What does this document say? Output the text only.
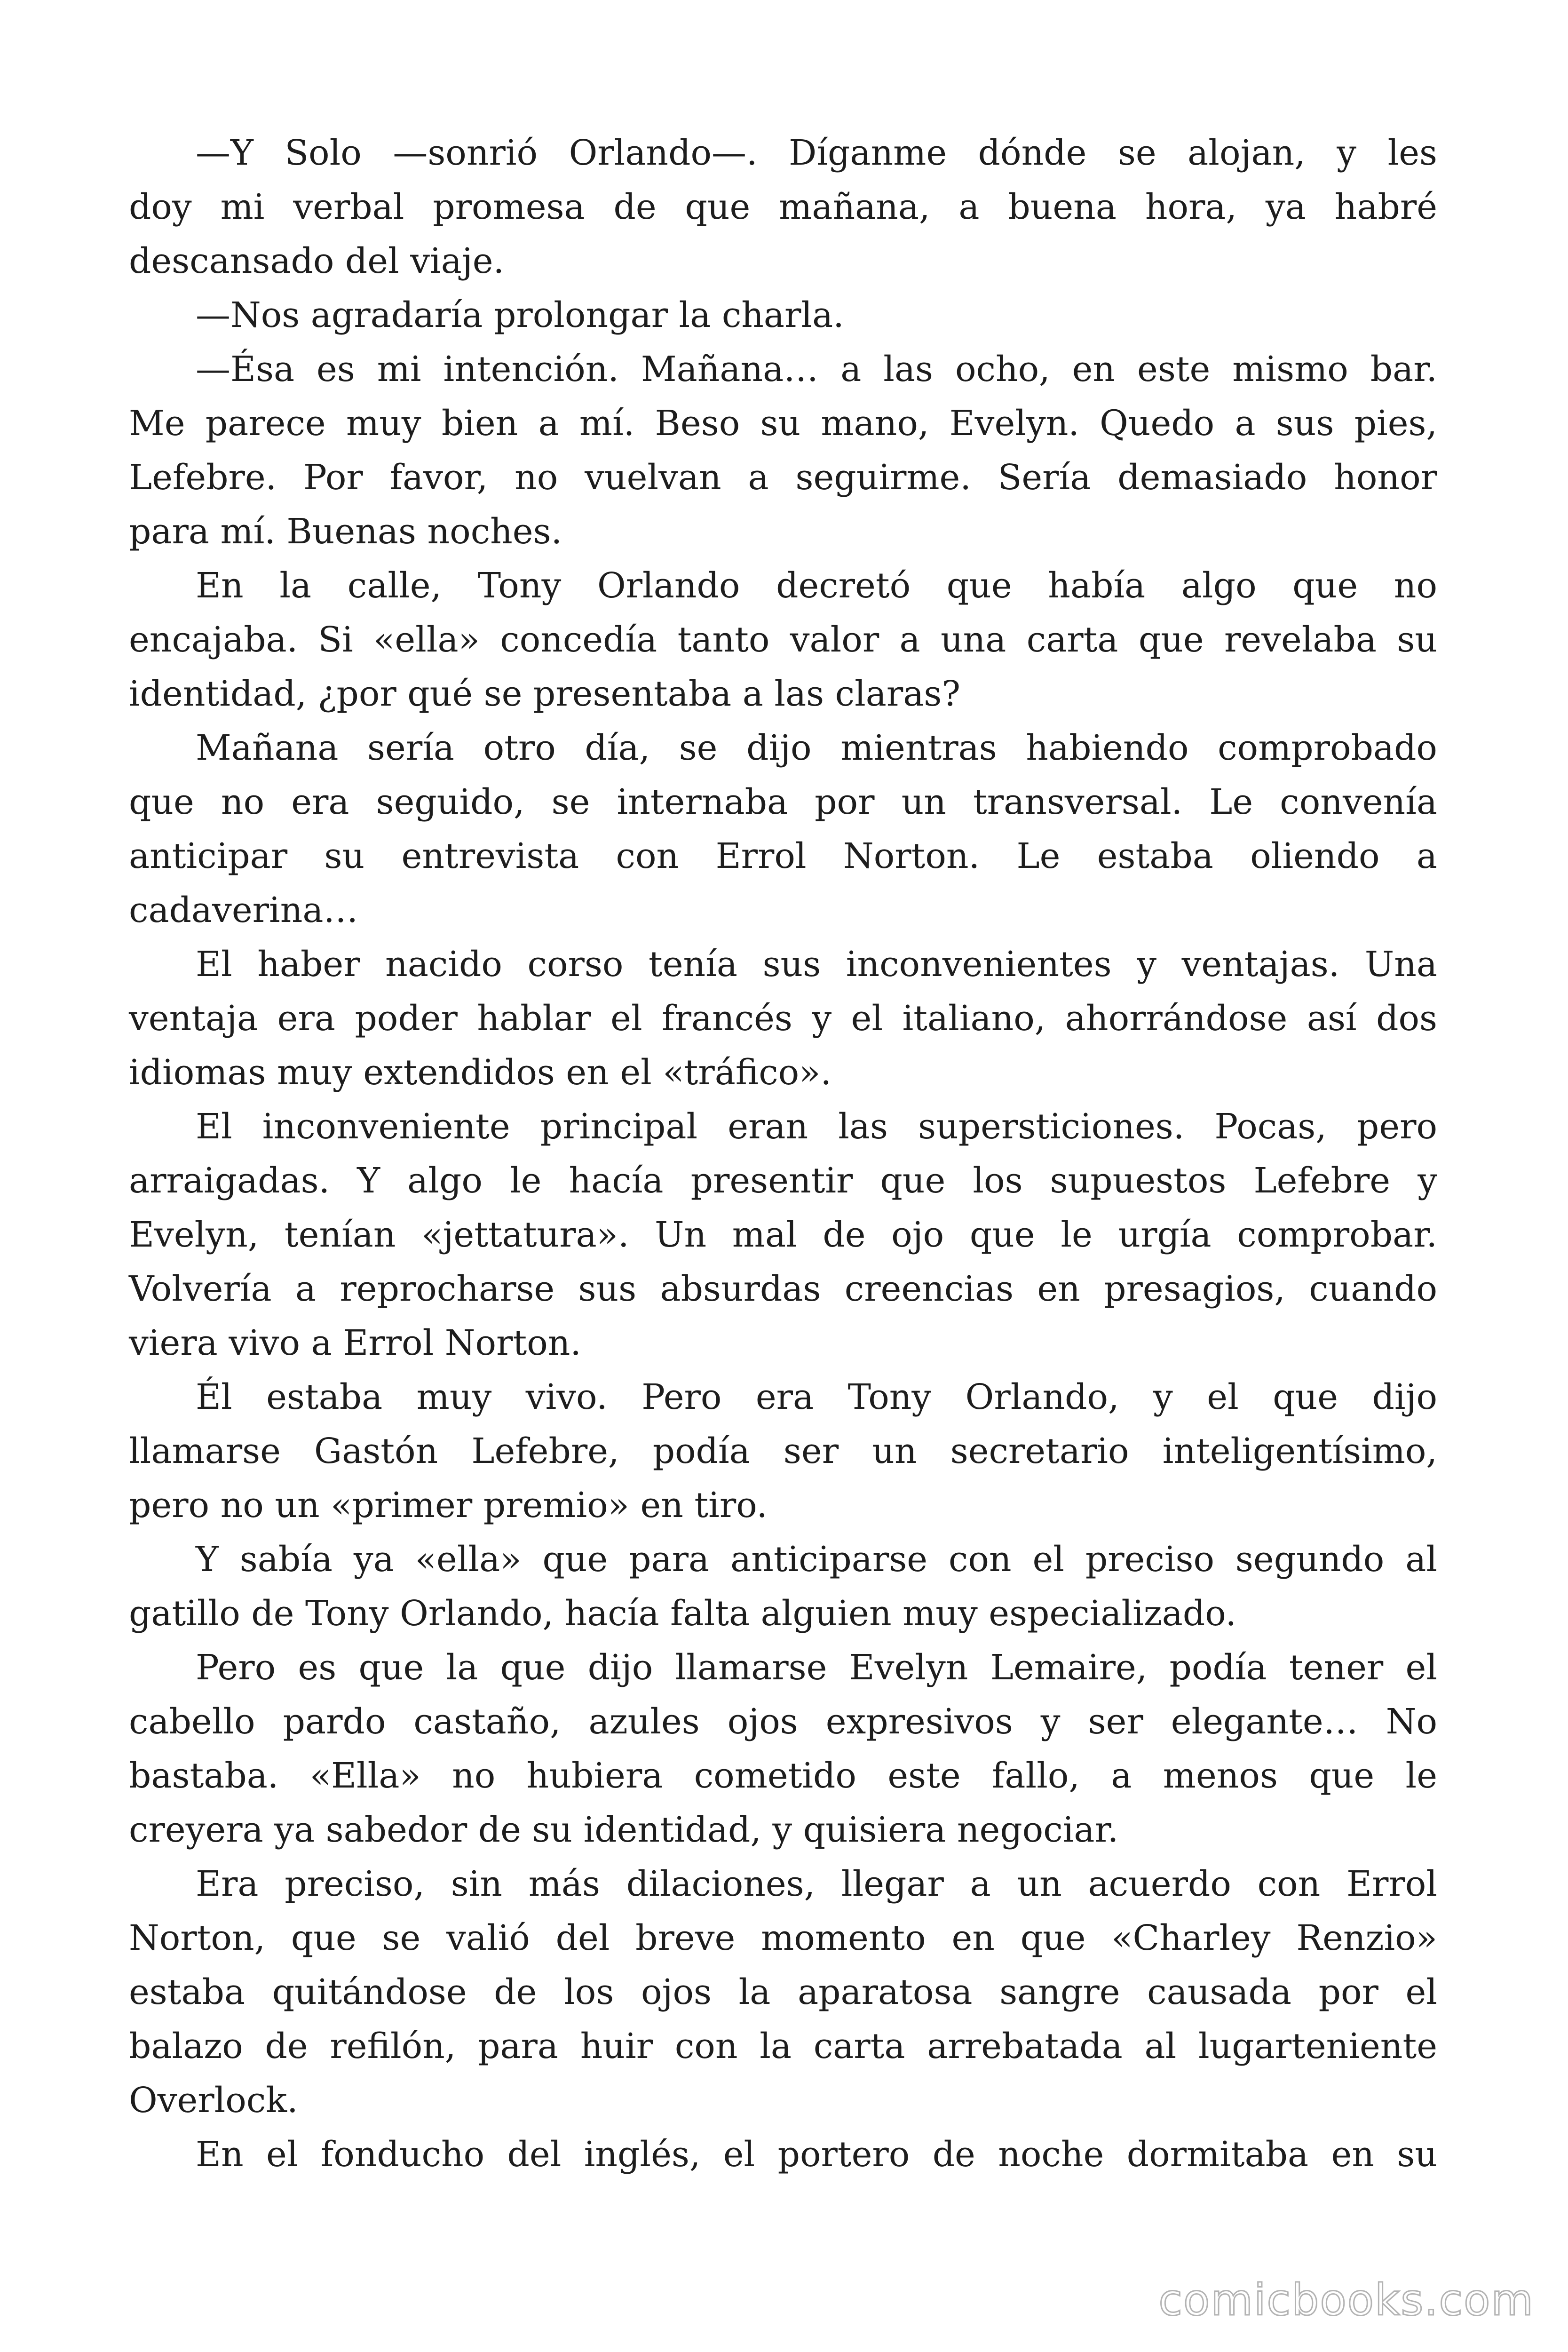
—Y Solo —sonrió Orlando—. Díganme dónde se alojan, y les
doy mi verbal promesa de que mañana, a buena hora, ya habré
descansado del viaje.
—Nos agradaría prolongar la charla.
—Ésa es mi intención. Mañana… a las ocho, en este mismo bar.
Me parece muy bien a mí. Beso su mano, Evelyn. Quedo a sus pies,
Lefebre. Por favor, no vuelvan a seguirme. Sería demasiado honor
para mí. Buenas noches.
En la calle, Tony Orlando decretó que había algo que no
encajaba. Si «ella» concedía tanto valor a una carta que revelaba su
identidad, ¿por qué se presentaba a las claras?
Mañana sería otro día, se dijo mientras habiendo comprobado
que no era seguido, se internaba por un transversal. Le convenía
anticipar su entrevista con Errol Norton. Le estaba oliendo a
cadaverina…
El haber nacido corso tenía sus inconvenientes y ventajas. Una
ventaja era poder hablar el francés y el italiano, ahorrándose así dos
idiomas muy extendidos en el «tráfico».
El inconveniente principal eran las supersticiones. Pocas, pero
arraigadas. Y algo le hacía presentir que los supuestos Lefebre y
Evelyn, tenían «jettatura». Un mal de ojo que le urgía comprobar.
Volvería a reprocharse sus absurdas creencias en presagios, cuando
viera vivo a Errol Norton.
Él estaba muy vivo. Pero era Tony Orlando, y el que dijo
llamarse Gastón Lefebre, podía ser un secretario inteligentísimo,
pero no un «primer premio» en tiro.
Y sabía ya «ella» que para anticiparse con el preciso segundo al
gatillo de Tony Orlando, hacía falta alguien muy especializado.
Pero es que la que dijo llamarse Evelyn Lemaire, podía tener el
cabello pardo castaño, azules ojos expresivos y ser elegante… No
bastaba. «Ella» no hubiera cometido este fallo, a menos que le
creyera ya sabedor de su identidad, y quisiera negociar.
Era preciso, sin más dilaciones, llegar a un acuerdo con Errol
Norton, que se valió del breve momento en que «Charley Renzio»
estaba quitándose de los ojos la aparatosa sangre causada por el
balazo de refilón, para huir con la carta arrebatada al lugarteniente
Overlock.
En el fonducho del inglés, el portero de noche dormitaba en su
comicbooks.com
